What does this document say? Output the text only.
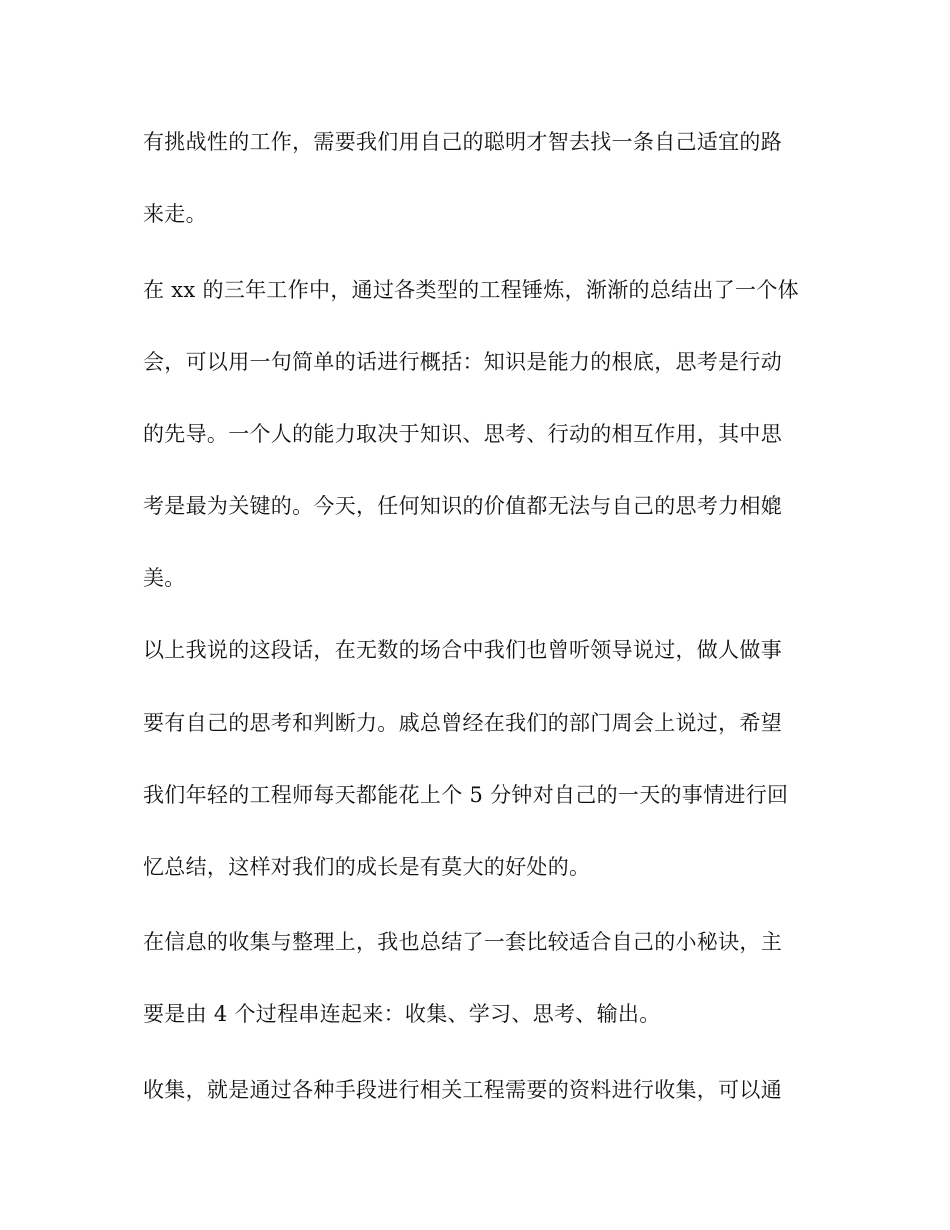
有挑战性的工作，需要我们用自己的聪明才智去找一条自己适宜的路
来走。
在 xx 的三年工作中，通过各类型的工程锤炼，渐渐的总结出了一个体
会，可以用一句简单的话进行概括：知识是能力的根底，思考是行动
的先导。一个人的能力取决于知识、思考、行动的相互作用，其中思
考是最为关键的。今天，任何知识的价值都无法与自己的思考力相媲
美。
以上我说的这段话，在无数的场合中我们也曾听领导说过，做人做事
要有自己的思考和判断力。戚总曾经在我们的部门周会上说过，希望
我们年轻的工程师每天都能花上个 5 分钟对自己的一天的事情进行回
忆总结，这样对我们的成长是有莫大的好处的。
在信息的收集与整理上，我也总结了一套比较适合自己的小秘诀，主
要是由 4 个过程串连起来：收集、学习、思考、输出。
收集，就是通过各种手段进行相关工程需要的资料进行收集，可以通
